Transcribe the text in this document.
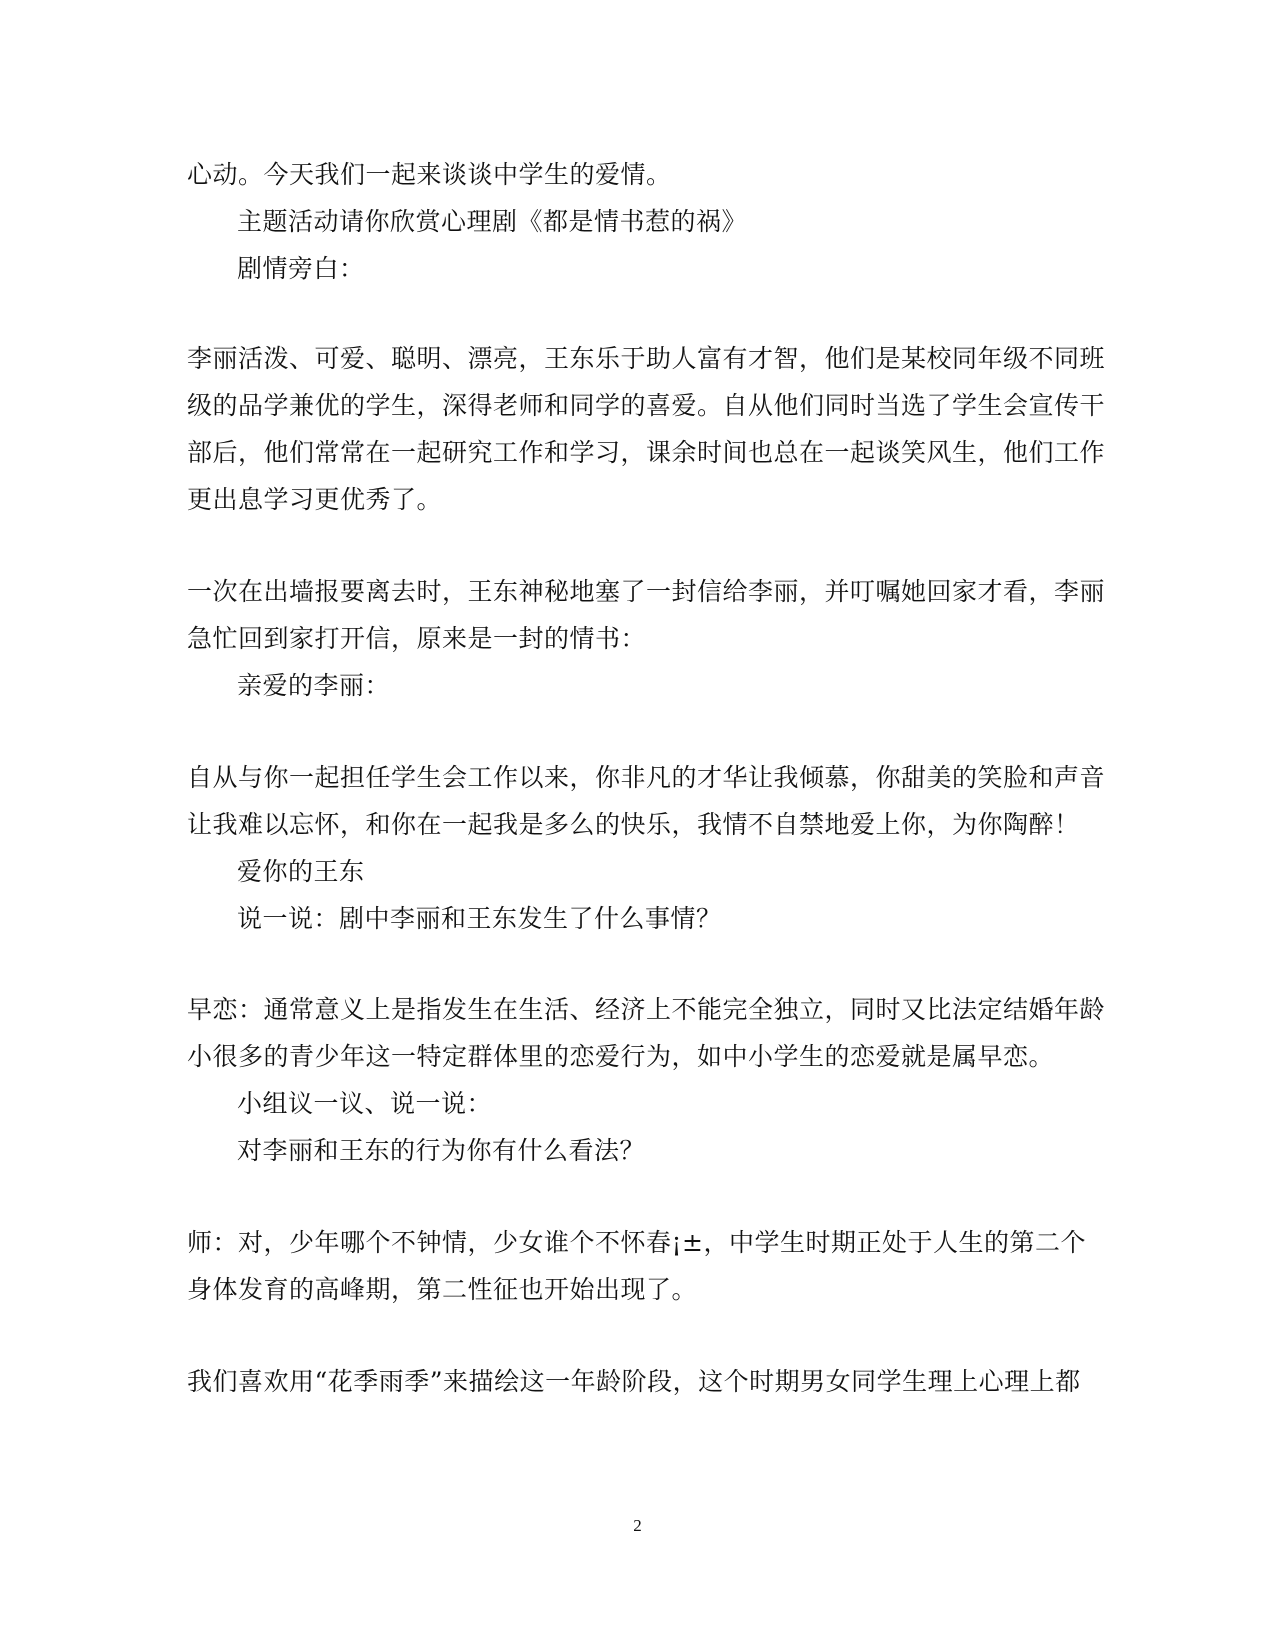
心动。今天我们一起来谈谈中学生的爱情。
主题活动请你欣赏心理剧《都是情书惹的祸》
剧情旁白：
李丽活泼、可爱、聪明、漂亮，王东乐于助人富有才智，他们是某校同年级不同班
级的品学兼优的学生，深得老师和同学的喜爱。自从他们同时当选了学生会宣传干
部后，他们常常在一起研究工作和学习，课余时间也总在一起谈笑风生，他们工作
更出息学习更优秀了。
一次在出墙报要离去时，王东神秘地塞了一封信给李丽，并叮嘱她回家才看，李丽
急忙回到家打开信，原来是一封的情书：
亲爱的李丽：
自从与你一起担任学生会工作以来，你非凡的才华让我倾慕，你甜美的笑脸和声音
让我难以忘怀，和你在一起我是多么的快乐，我情不自禁地爱上你，为你陶醉！
爱你的王东
说一说：剧中李丽和王东发生了什么事情？
早恋：通常意义上是指发生在生活、经济上不能完全独立，同时又比法定结婚年龄
小很多的青少年这一特定群体里的恋爱行为，如中小学生的恋爱就是属早恋。
小组议一议、说一说：
对李丽和王东的行为你有什么看法？
师：对，少年哪个不钟情，少女谁个不怀春¡±，中学生时期正处于人生的第二个
身体发育的高峰期，第二性征也开始出现了。
我们喜欢用“花季雨季”来描绘这一年龄阶段，这个时期男女同学生理上心理上都
2
